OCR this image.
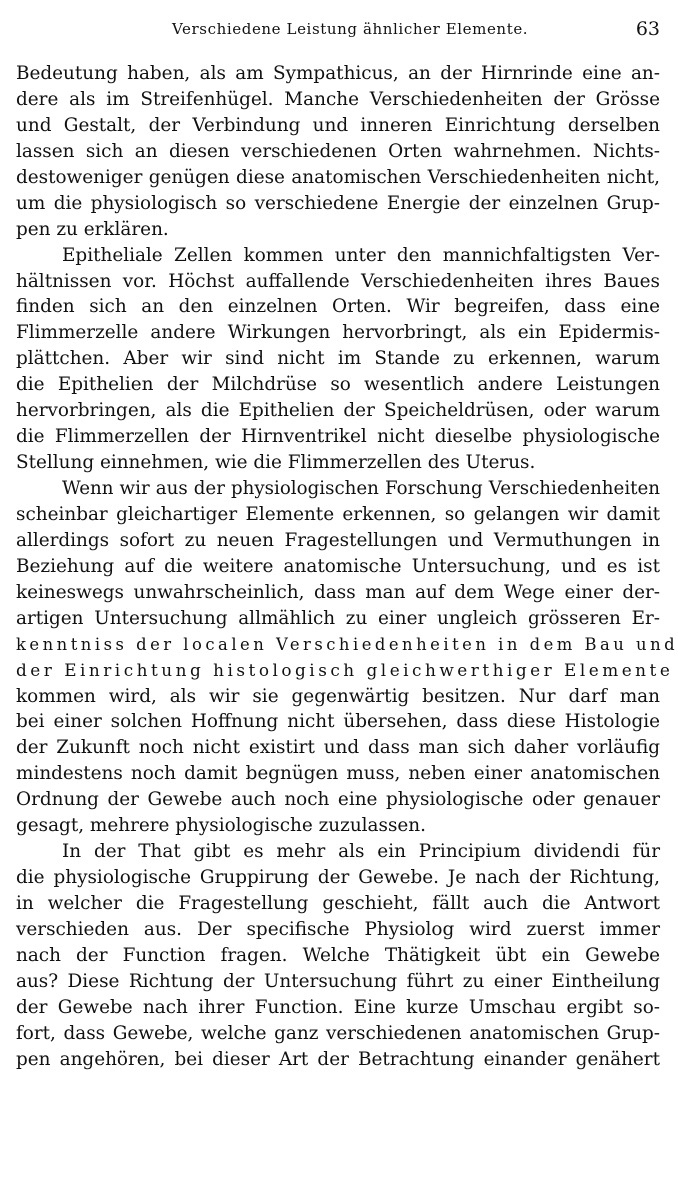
Verschiedene Leistung ähnlicher Elemente.	63
Bedeutung haben, als am Sympathicus, an der Hirnrinde eine an-
dere als im Streifenhügel. Manche Verschiedenheiten der Grösse
und Gestalt, der Verbindung und inneren Einrichtung derselben
lassen sich an diesen verschiedenen Orten wahrnehmen. Nichts-
destoweniger genügen diese anatomischen Verschiedenheiten nicht,
um die physiologisch so verschiedene Energie der einzelnen Grup-
pen zu erklären.
Epitheliale Zellen kommen unter den mannichfaltigsten Ver-
hältnissen vor. Höchst auffallende Verschiedenheiten ihres Baues
finden sich an den einzelnen Orten. Wir begreifen, dass eine
Flimmerzelle andere Wirkungen hervorbringt, als ein Epidermis-
plättchen. Aber wir sind nicht im Stande zu erkennen, warum
die Epithelien der Milchdrüse so wesentlich andere Leistungen
hervorbringen, als die Epithelien der Speicheldrüsen, oder warum
die Flimmerzellen der Hirnventrikel nicht dieselbe physiologische
Stellung einnehmen, wie die Flimmerzellen des Uterus.
Wenn wir aus der physiologischen Forschung Verschiedenheiten
scheinbar gleichartiger Elemente erkennen, so gelangen wir damit
allerdings sofort zu neuen Fragestellungen und Vermuthungen in
Beziehung auf die weitere anatomische Untersuchung, und es ist
keineswegs unwahrscheinlich, dass man auf dem Wege einer der-
artigen Untersuchung allmählich zu einer ungleich grösseren Er-
kenntniss der localen Verschiedenheiten in dem Bau und
der Einrichtung histologisch gleichwerthiger Elemente
kommen wird, als wir sie gegenwärtig besitzen. Nur darf man
bei einer solchen Hoffnung nicht übersehen, dass diese Histologie
der Zukunft noch nicht existirt und dass man sich daher vorläufig
mindestens noch damit begnügen muss, neben einer anatomischen
Ordnung der Gewebe auch noch eine physiologische oder genauer
gesagt, mehrere physiologische zuzulassen.
In der That gibt es mehr als ein Principium dividendi für
die physiologische Gruppirung der Gewebe. Je nach der Richtung,
in welcher die Fragestellung geschieht, fällt auch die Antwort
verschieden aus. Der specifische Physiolog wird zuerst immer
nach der Function fragen. Welche Thätigkeit übt ein Gewebe
aus? Diese Richtung der Untersuchung führt zu einer Eintheilung
der Gewebe nach ihrer Function. Eine kurze Umschau ergibt so-
fort, dass Gewebe, welche ganz verschiedenen anatomischen Grup-
pen angehören, bei dieser Art der Betrachtung einander genähert
